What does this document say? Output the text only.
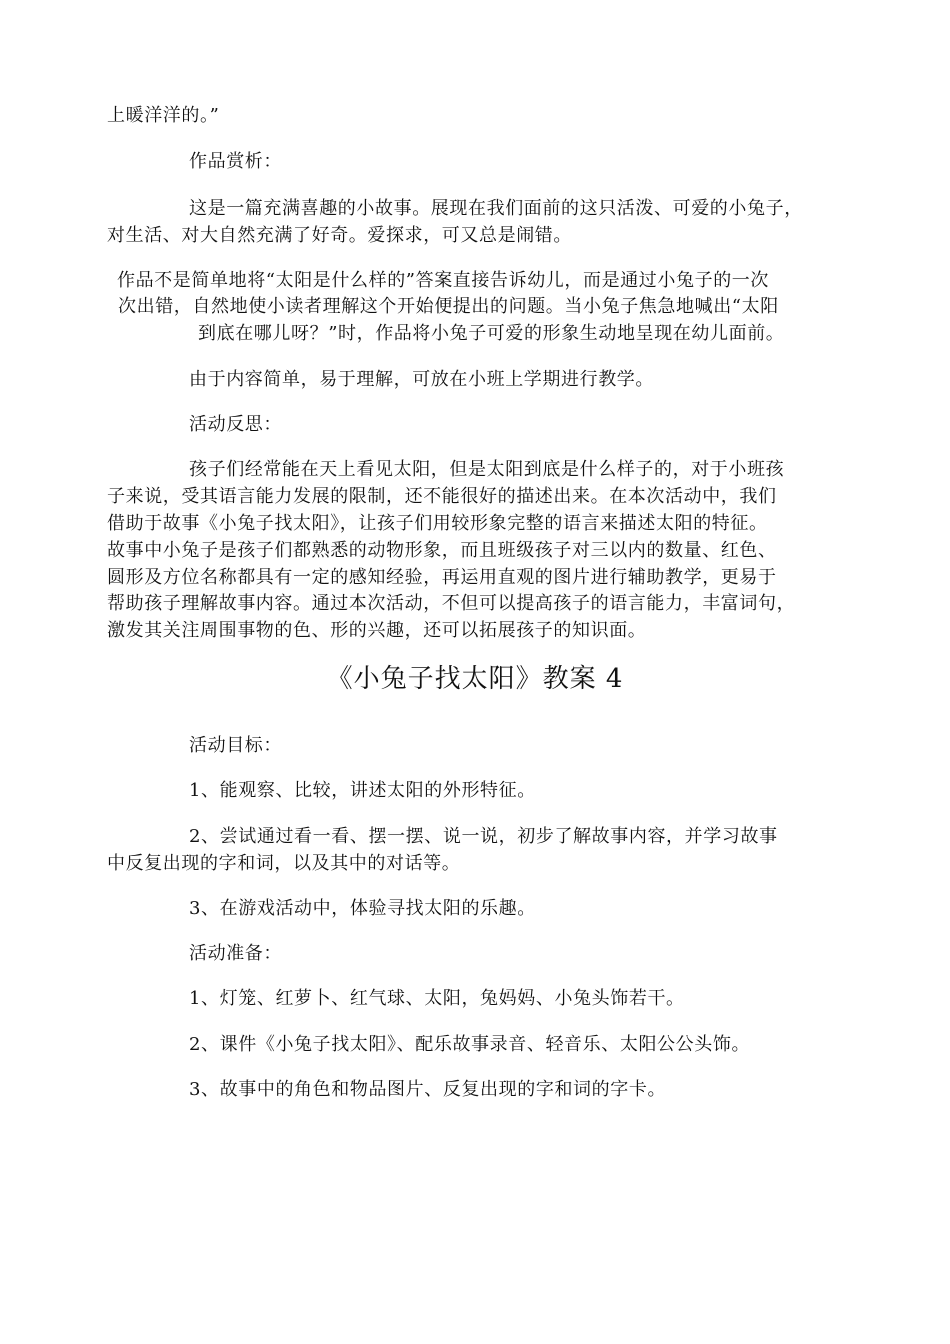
上暖洋洋的。”
作品赏析：
这是一篇充满喜趣的小故事。展现在我们面前的这只活泼、可爱的小兔子，
对生活、对大自然充满了好奇。爱探求，可又总是闹错。
作品不是简单地将“太阳是什么样的”答案直接告诉幼儿，而是通过小兔子的一次
次出错，自然地使小读者理解这个开始便提出的问题。当小兔子焦急地喊出“太阳
到底在哪儿呀？”时，作品将小兔子可爱的形象生动地呈现在幼儿面前。
由于内容简单，易于理解，可放在小班上学期进行教学。
活动反思：
孩子们经常能在天上看见太阳，但是太阳到底是什么样子的，对于小班孩
子来说，受其语言能力发展的限制，还不能很好的描述出来。在本次活动中，我们
借助于故事《小兔子找太阳》，让孩子们用较形象完整的语言来描述太阳的特征。
故事中小兔子是孩子们都熟悉的动物形象，而且班级孩子对三以内的数量、红色、
圆形及方位名称都具有一定的感知经验，再运用直观的图片进行辅助教学，更易于
帮助孩子理解故事内容。通过本次活动，不但可以提高孩子的语言能力，丰富词句，
激发其关注周围事物的色、形的兴趣，还可以拓展孩子的知识面。
《小兔子找太阳》教案 4
活动目标：
1、能观察、比较，讲述太阳的外形特征。
2、尝试通过看一看、摆一摆、说一说，初步了解故事内容，并学习故事
中反复出现的字和词，以及其中的对话等。
3、在游戏活动中，体验寻找太阳的乐趣。
活动准备：
1、灯笼、红萝卜、红气球、太阳，兔妈妈、小兔头饰若干。
2、课件《小兔子找太阳》、配乐故事录音、轻音乐、太阳公公头饰。
3、故事中的角色和物品图片、反复出现的字和词的字卡。
